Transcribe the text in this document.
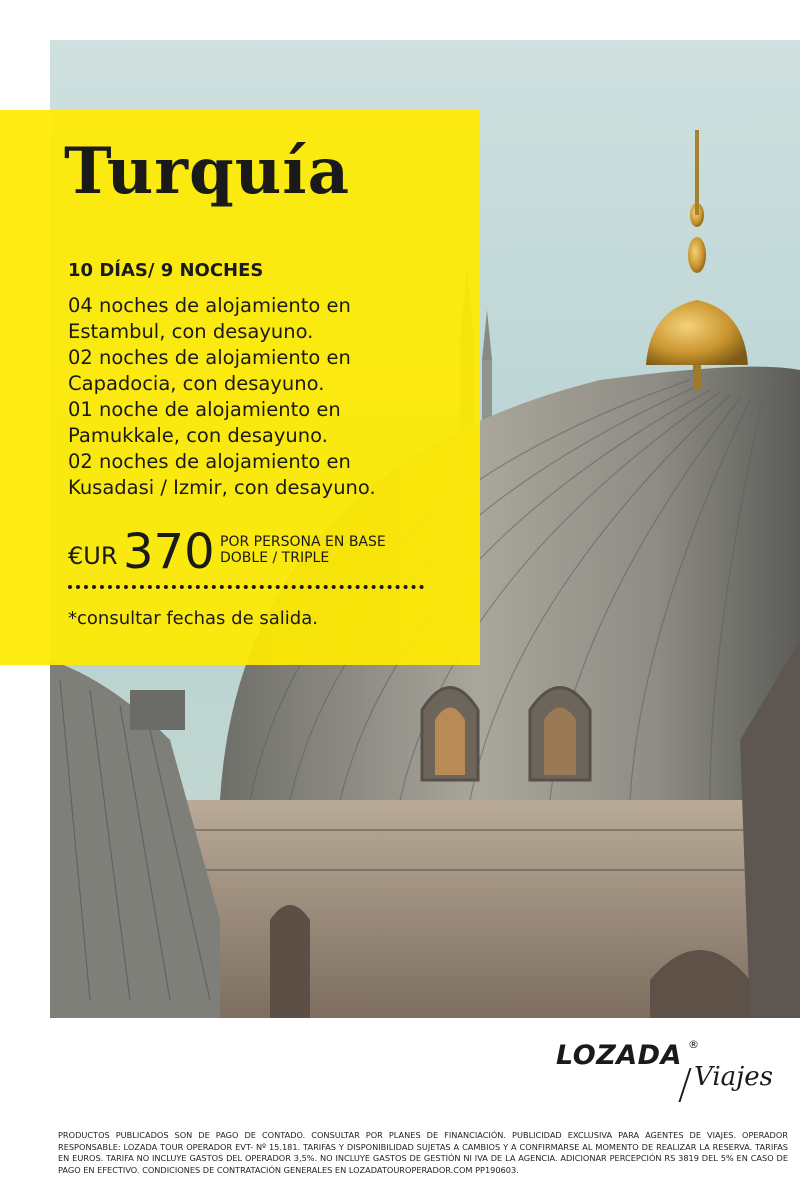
Turquía
10 DÍAS/ 9 NOCHES
04 noches de alojamiento en
Estambul, con desayuno.
02 noches de alojamiento en
Capadocia, con desayuno.
01 noche de alojamiento en
Pamukkale, con desayuno.
02 noches de alojamiento en
Kusadasi / Izmir, con desayuno.
€UR 370 POR PERSONA EN BASE
DOBLE / TRIPLE
*consultar fechas de salida.
LOZADA ®
Viajes

PRODUCTOS PUBLICADOS SON DE PAGO DE CONTADO. CONSULTAR POR PLANES DE FINANCIACIÓN. PUBLICIDAD EXCLUSIVA PARA AGENTES DE VIAJES. OPERADOR RESPONSABLE: LOZADA TOUR OPERADOR EVT- Nº 15.181. TARIFAS Y DISPONIBILIDAD SUJETAS A CAMBIOS Y A CONFIRMARSE AL MOMENTO DE REALIZAR LA RESERVA. TARIFAS EN EUROS. TARIFA NO INCLUYE GASTOS DEL OPERADOR 3,5%. NO INCLUYE GASTOS DE GESTIÓN NI IVA DE LA AGENCIA. ADICIONAR PERCEPCIÓN RS 3819 DEL 5% EN CASO DE PAGO EN EFECTIVO. CONDICIONES DE CONTRATACIÓN GENERALES EN LOZADATOUROPERADOR.COM PP190603.
